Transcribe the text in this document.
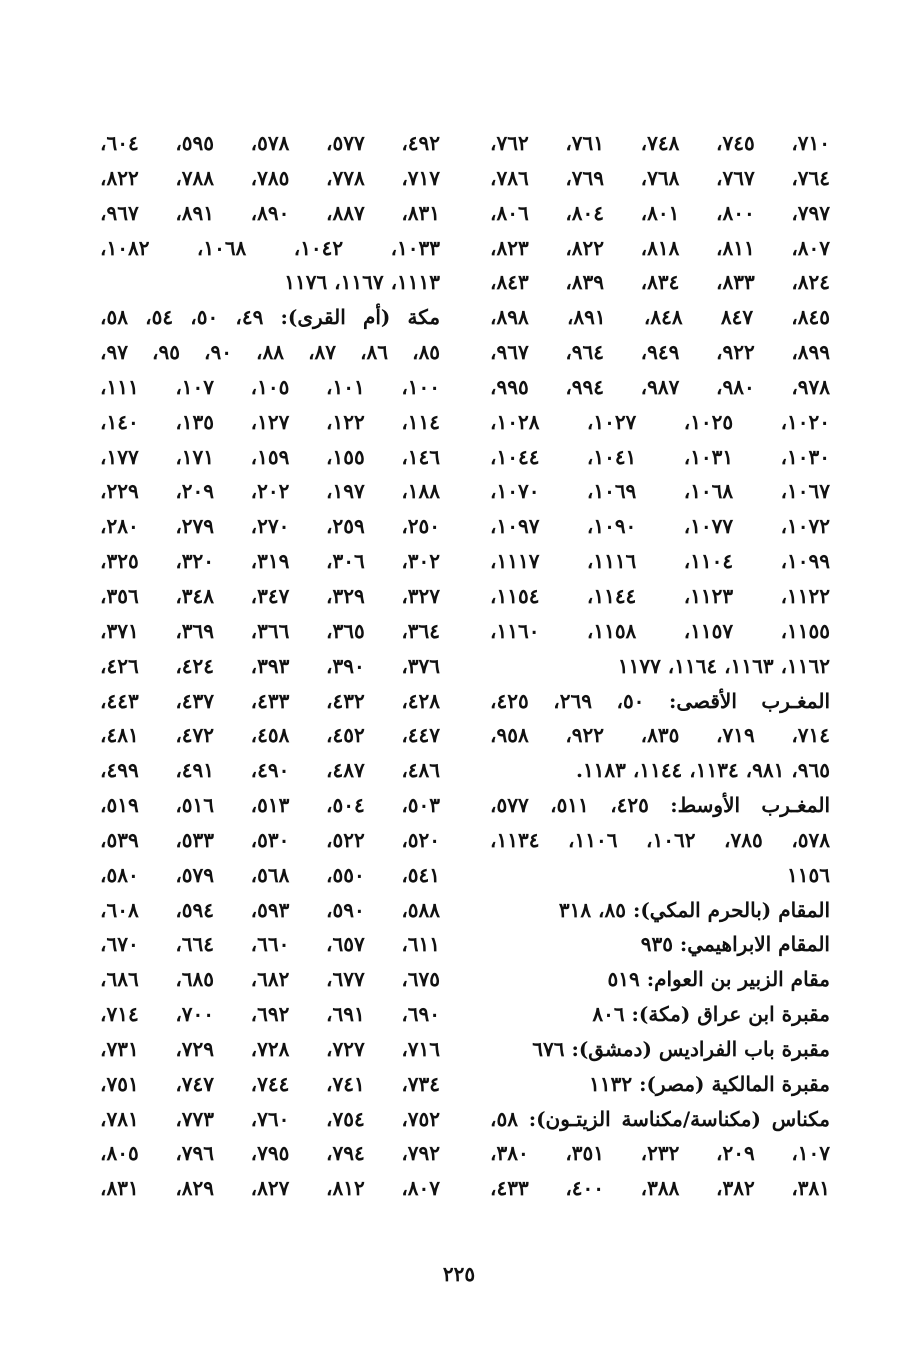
٧١٠، ٧٤٥، ٧٤٨، ٧٦١، ٧٦٢،
٧٦٤، ٧٦٧، ٧٦٨، ٧٦٩، ٧٨٦،
٧٩٧، ٨٠٠، ٨٠١، ٨٠٤، ٨٠٦،
٨٠٧، ٨١١، ٨١٨، ٨٢٢، ٨٢٣،
٨٢٤، ٨٣٣، ٨٣٤، ٨٣٩، ٨٤٣،
٨٤٥، ٨٤٧ ٨٤٨، ٨٩١، ٨٩٨،
٨٩٩، ٩٢٢، ٩٤٩، ٩٦٤، ٩٦٧،
٩٧٨، ٩٨٠، ٩٨٧، ٩٩٤، ٩٩٥،
١٠٢٠، ١٠٢٥، ١٠٢٧، ١٠٢٨،
١٠٣٠، ١٠٣١، ١٠٤١، ١٠٤٤،
١٠٦٧، ١٠٦٨، ١٠٦٩، ١٠٧٠،
١٠٧٢، ١٠٧٧، ١٠٩٠، ١٠٩٧،
١٠٩٩، ١١٠٤، ١١١٦، ١١١٧،
١١٢٢، ١١٢٣، ١١٤٤، ١١٥٤،
١١٥٥، ١١٥٧، ١١٥٨، ١١٦٠،
١١٦٢، ١١٦٣، ١١٦٤، ١١٧٧
المغـرب الأقصى: ٥٠، ٢٦٩، ٤٢٥،
٧١٤، ٧١٩، ٨٣٥، ٩٢٢، ٩٥٨،
٩٦٥، ٩٨١، ١١٣٤، ١١٤٤، ١١٨٣.
المغـرب الأوسط: ٤٢٥، ٥١١، ٥٧٧،
٥٧٨، ٧٨٥، ١٠٦٢، ١١٠٦، ١١٣٤،
١١٥٦
المقام (بالحرم المكي): ٨٥، ٣١٨
المقام الابراهيمي: ٩٣٥
مقام الزبير بن العوام: ٥١٩
مقبرة ابن عراق (مكة): ٨٠٦
مقبرة باب الفراديس (دمشق): ٦٧٦
مقبرة المالكية (مصر): ١١٣٢
مكناس (مكناسة/مكناسة الزيتـون): ٥٨،
١٠٧، ٢٠٩، ٢٣٢، ٣٥١، ٣٨٠،
٣٨١، ٣٨٢، ٣٨٨، ٤٠٠، ٤٣٣،
٤٩٢، ٥٧٧، ٥٧٨، ٥٩٥، ٦٠٤،
٧١٧، ٧٧٨، ٧٨٥، ٧٨٨، ٨٢٢،
٨٣١، ٨٨٧، ٨٩٠، ٨٩١، ٩٦٧،
١٠٣٣، ١٠٤٢، ١٠٦٨، ١٠٨٢،
١١١٣، ١١٦٧، ١١٧٦
مكة (أم القرى): ٤٩، ٥٠، ٥٤، ٥٨،
٨٥، ٨٦، ٨٧، ٨٨، ٩٠، ٩٥، ٩٧،
١٠٠، ١٠١، ١٠٥، ١٠٧، ١١١،
١١٤، ١٢٢، ١٢٧، ١٣٥، ١٤٠،
١٤٦، ١٥٥، ١٥٩، ١٧١، ١٧٧،
١٨٨، ١٩٧، ٢٠٢، ٢٠٩، ٢٢٩،
٢٥٠، ٢٥٩، ٢٧٠، ٢٧٩، ٢٨٠،
٣٠٢، ٣٠٦، ٣١٩، ٣٢٠، ٣٢٥،
٣٢٧، ٣٢٩، ٣٤٧، ٣٤٨، ٣٥٦،
٣٦٤، ٣٦٥، ٣٦٦، ٣٦٩، ٣٧١،
٣٧٦، ٣٩٠، ٣٩٣، ٤٢٤، ٤٢٦،
٤٢٨، ٤٣٢، ٤٣٣، ٤٣٧، ٤٤٣،
٤٤٧، ٤٥٢، ٤٥٨، ٤٧٢، ٤٨١،
٤٨٦، ٤٨٧، ٤٩٠، ٤٩١، ٤٩٩،
٥٠٣، ٥٠٤، ٥١٣، ٥١٦، ٥١٩،
٥٢٠، ٥٢٢، ٥٣٠، ٥٣٣، ٥٣٩،
٥٤١، ٥٥٠، ٥٦٨، ٥٧٩، ٥٨٠،
٥٨٨، ٥٩٠، ٥٩٣، ٥٩٤، ٦٠٨،
٦١١، ٦٥٧، ٦٦٠، ٦٦٤، ٦٧٠،
٦٧٥، ٦٧٧، ٦٨٢، ٦٨٥، ٦٨٦،
٦٩٠، ٦٩١، ٦٩٢، ٧٠٠، ٧١٤،
٧١٦، ٧٢٧، ٧٢٨، ٧٢٩، ٧٣١،
٧٣٤، ٧٤١، ٧٤٤، ٧٤٧، ٧٥١،
٧٥٢، ٧٥٤، ٧٦٠، ٧٧٣، ٧٨١،
٧٩٢، ٧٩٤، ٧٩٥، ٧٩٦، ٨٠٥،
٨٠٧، ٨١٢، ٨٢٧، ٨٢٩، ٨٣١،
٢٢٥
